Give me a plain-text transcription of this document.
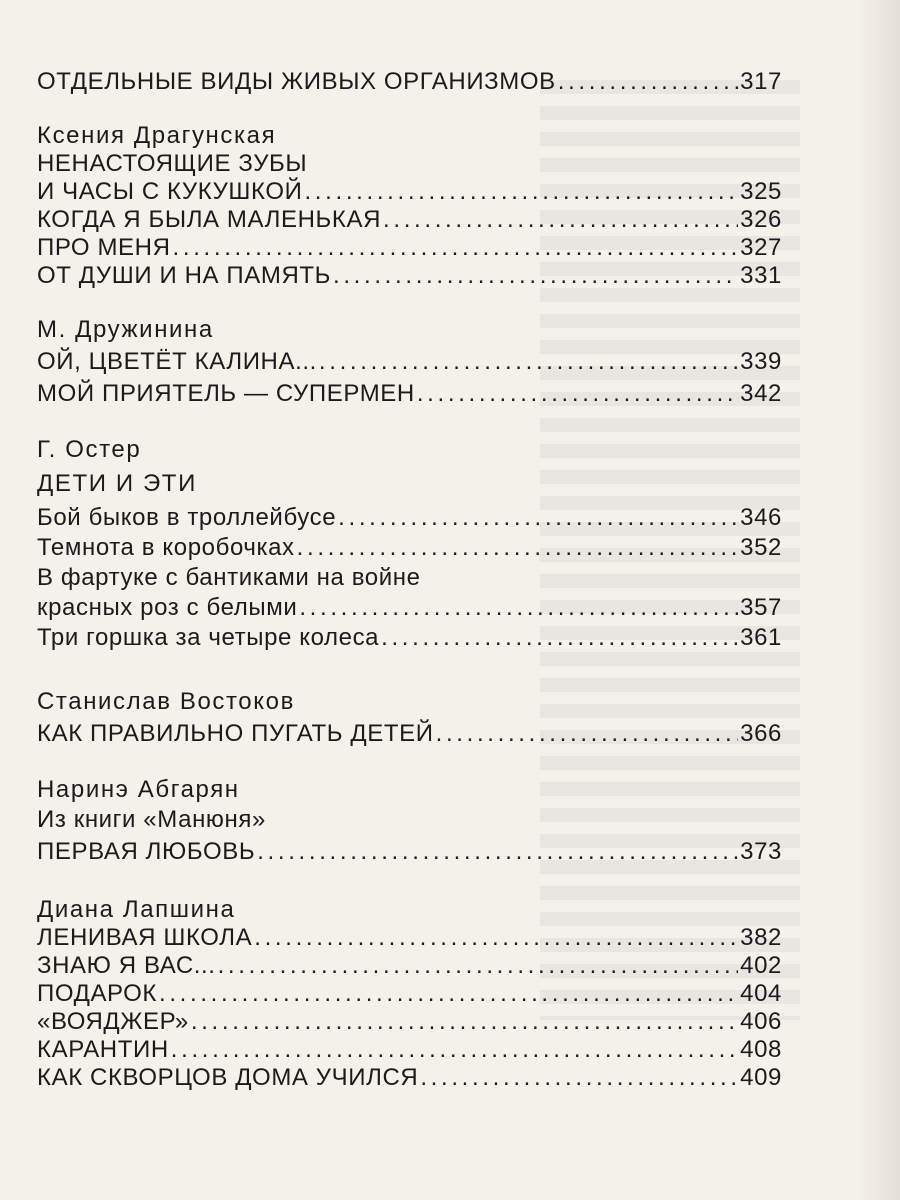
ОТДЕЛЬНЫЕ ВИДЫ ЖИВЫХ ОРГАНИЗМОВ . . .	317
Ксения Драгунская
НЕНАСТОЯЩИЕ ЗУБЫ
И ЧАСЫ С КУКУШКОЙ . . .	325
КОГДА Я БЫЛА МАЛЕНЬКАЯ . . .	326
ПРО МЕНЯ . . .	327
ОТ ДУШИ И НА ПАМЯТЬ . . .	331
М. Дружинина
ОЙ, ЦВЕТЁТ КАЛИНА... . . .	339
МОЙ ПРИЯТЕЛЬ — СУПЕРМЕН . . .	342
Г. Остер
ДЕТИ И ЭТИ
Бой быков в троллейбусе . . .	346
Темнота в коробочках . . .	352
В фартуке с бантиками на войне
красных роз с белыми . . .	357
Три горшка за четыре колеса . . .	361
Станислав Востоков
КАК ПРАВИЛЬНО ПУГАТЬ ДЕТЕЙ . . .	366
Наринэ Абгарян
Из книги «Манюня»
ПЕРВАЯ ЛЮБОВЬ . . .	373
Диана Лапшина
ЛЕНИВАЯ ШКОЛА . . .	382
ЗНАЮ Я ВАС... . . .	402
ПОДАРОК . . .	404
«ВОЯДЖЕР» . . .	406
КАРАНТИН . . .	408
КАК СКВОРЦОВ ДОМА УЧИЛСЯ . . .	409
